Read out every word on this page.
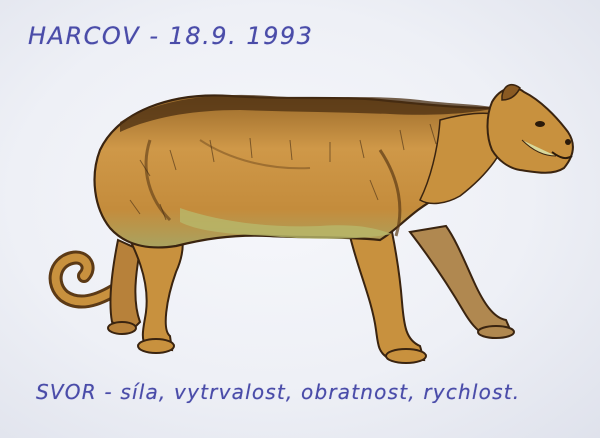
HARCOV - 18.9. 1993
SVOR - síla, vytrvalost, obratnost, rychlost.
